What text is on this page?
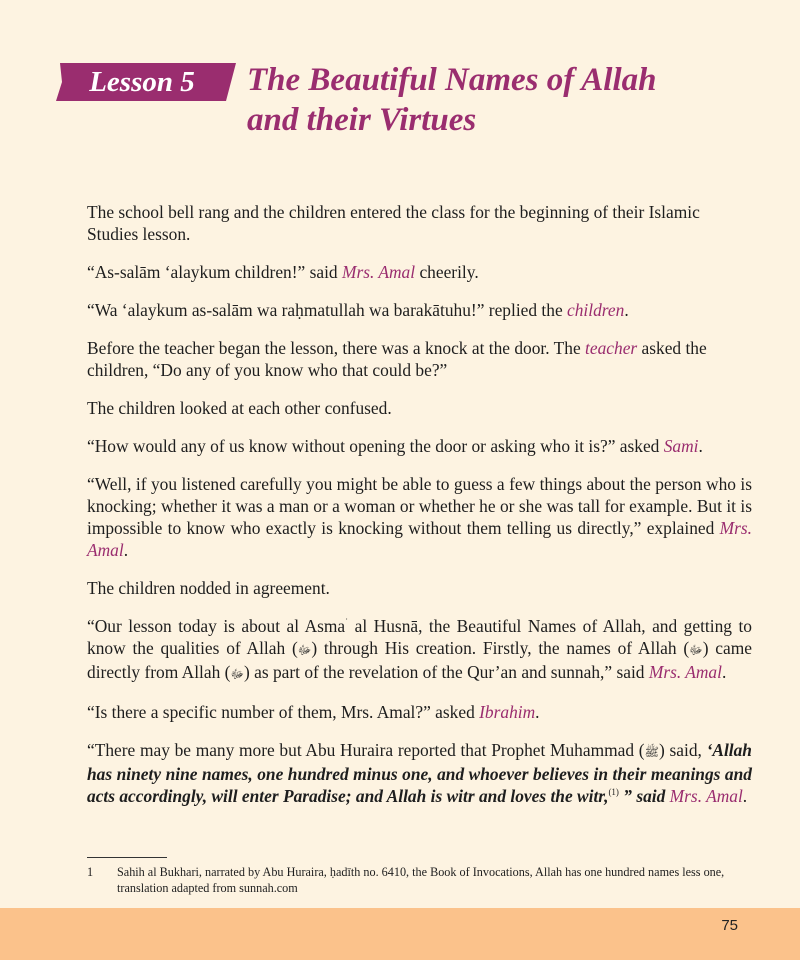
Lesson 5	The Beautiful Names of Allah
and their Virtues

The school bell rang and the children entered the class for the beginning of their Islamic Studies lesson.

“As-salām ‘alaykum children!” said Mrs. Amal cheerily.

“Wa ‘alaykum as-salām wa raḥmatullah wa barakātuhu!” replied the children.

Before the teacher began the lesson, there was a knock at the door. The teacher asked the children, “Do any of you know who that could be?”

The children looked at each other confused.

“How would any of us know without opening the door or asking who it is?” asked Sami.

“Well, if you listened carefully you might be able to guess a few things about the person who is knocking; whether it was a man or a woman or whether he or she was tall for example. But it is impossible to know who exactly is knocking without them telling us directly,” explained Mrs. Amal.

The children nodded in agreement.

“Our lesson today is about al Asma$^ʿ$ al Husnā, the Beautiful Names of Allah, and getting to know the qualities of Allah (ﷻ) through His creation. Firstly, the names of Allah (ﷻ) came directly from Allah (ﷻ) as part of the revelation of the Qur’an and sunnah,” said Mrs. Amal.

“Is there a specific number of them, Mrs. Amal?” asked Ibrahim.

“There may be many more but Abu Huraira reported that Prophet Muhammad (ﷺ) said, ‘Allah has ninety nine names, one hundred minus one, and whoever believes in their meanings and acts accordingly, will enter Paradise; and Allah is witr and loves the witr,$^{(1)}$ ” said Mrs. Amal.

1	Sahih al Bukhari, narrated by Abu Huraira, ḥadīth no. 6410, the Book of Invocations, Allah has one hundred names less one, translation adapted from sunnah.com
75
